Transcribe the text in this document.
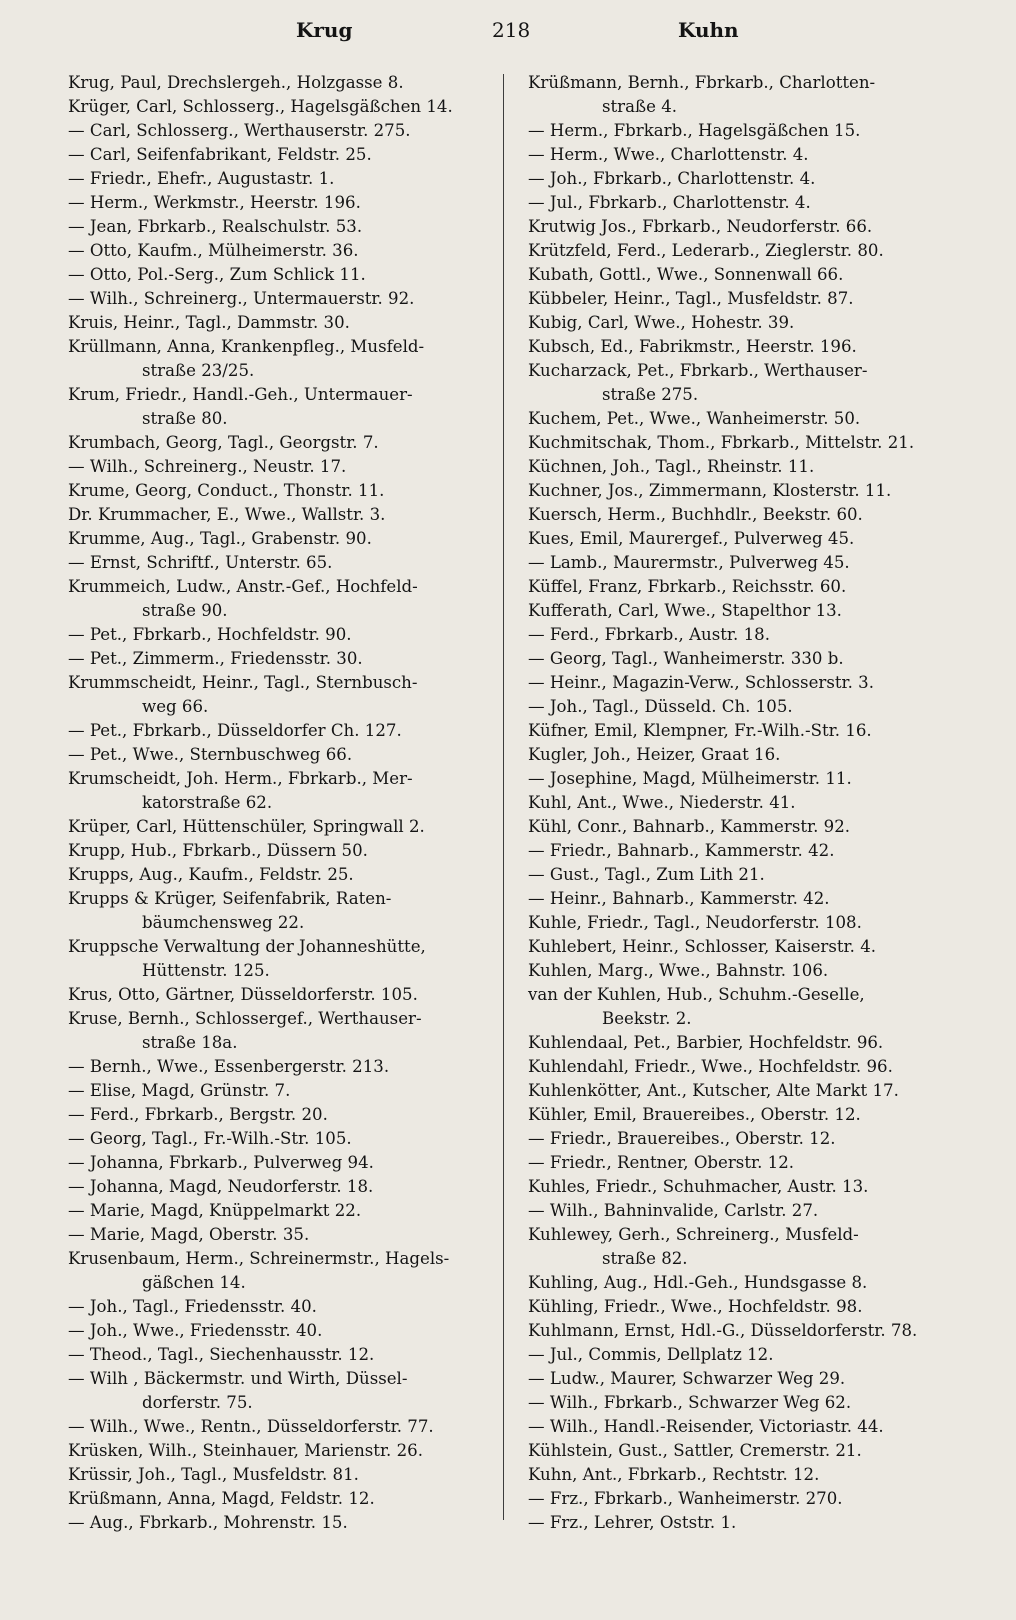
Krug	218	Kuhn
Krug, Paul, Drechslergeh., Holzgasse 8.
Krüger, Carl, Schlosserg., Hagelsgäßchen 14.
— Carl, Schlosserg., Werthauserstr. 275.
— Carl, Seifenfabrikant, Feldstr. 25.
— Friedr., Ehefr., Augustastr. 1.
— Herm., Werkmstr., Heerstr. 196.
— Jean, Fbrkarb., Realschulstr. 53.
— Otto, Kaufm., Mülheimerstr. 36.
— Otto, Pol.-Serg., Zum Schlick 11.
— Wilh., Schreinerg., Untermauerstr. 92.
Kruis, Heinr., Tagl., Dammstr. 30.
Krüllmann, Anna, Krankenpfleg., Musfeld-
straße 23/25.
Krum, Friedr., Handl.-Geh., Untermauer-
straße 80.
Krumbach, Georg, Tagl., Georgstr. 7.
— Wilh., Schreinerg., Neustr. 17.
Krume, Georg, Conduct., Thonstr. 11.
Dr. Krummacher, E., Wwe., Wallstr. 3.
Krumme, Aug., Tagl., Grabenstr. 90.
— Ernst, Schriftf., Unterstr. 65.
Krummeich, Ludw., Anstr.-Gef., Hochfeld-
straße 90.
— Pet., Fbrkarb., Hochfeldstr. 90.
— Pet., Zimmerm., Friedensstr. 30.
Krummscheidt, Heinr., Tagl., Sternbusch-
weg 66.
— Pet., Fbrkarb., Düsseldorfer Ch. 127.
— Pet., Wwe., Sternbuschweg 66.
Krumscheidt, Joh. Herm., Fbrkarb., Mer-
katorstraße 62.
Krüper, Carl, Hüttenschüler, Springwall 2.
Krupp, Hub., Fbrkarb., Düssern 50.
Krupps, Aug., Kaufm., Feldstr. 25.
Krupps & Krüger, Seifenfabrik, Raten-
bäumchensweg 22.
Kruppsche Verwaltung der Johanneshütte,
Hüttenstr. 125.
Krus, Otto, Gärtner, Düsseldorferstr. 105.
Kruse, Bernh., Schlossergef., Werthauser-
straße 18a.
— Bernh., Wwe., Essenbergerstr. 213.
— Elise, Magd, Grünstr. 7.
— Ferd., Fbrkarb., Bergstr. 20.
— Georg, Tagl., Fr.-Wilh.-Str. 105.
— Johanna, Fbrkarb., Pulverweg 94.
— Johanna, Magd, Neudorferstr. 18.
— Marie, Magd, Knüppelmarkt 22.
— Marie, Magd, Oberstr. 35.
Krusenbaum, Herm., Schreinermstr., Hagels-
gäßchen 14.
— Joh., Tagl., Friedensstr. 40.
— Joh., Wwe., Friedensstr. 40.
— Theod., Tagl., Siechenhausstr. 12.
— Wilh , Bäckermstr. und Wirth, Düssel-
dorferstr. 75.
— Wilh., Wwe., Rentn., Düsseldorferstr. 77.
Krüsken, Wilh., Steinhauer, Marienstr. 26.
Krüssir, Joh., Tagl., Musfeldstr. 81.
Krüßmann, Anna, Magd, Feldstr. 12.
— Aug., Fbrkarb., Mohrenstr. 15.
Krüßmann, Bernh., Fbrkarb., Charlotten-
straße 4.
— Herm., Fbrkarb., Hagelsgäßchen 15.
— Herm., Wwe., Charlottenstr. 4.
— Joh., Fbrkarb., Charlottenstr. 4.
— Jul., Fbrkarb., Charlottenstr. 4.
Krutwig Jos., Fbrkarb., Neudorferstr. 66.
Krützfeld, Ferd., Lederarb., Zieglerstr. 80.
Kubath, Gottl., Wwe., Sonnenwall 66.
Kübbeler, Heinr., Tagl., Musfeldstr. 87.
Kubig, Carl, Wwe., Hohestr. 39.
Kubsch, Ed., Fabrikmstr., Heerstr. 196.
Kucharzack, Pet., Fbrkarb., Werthauser-
straße 275.
Kuchem, Pet., Wwe., Wanheimerstr. 50.
Kuchmitschak, Thom., Fbrkarb., Mittelstr. 21.
Küchnen, Joh., Tagl., Rheinstr. 11.
Kuchner, Jos., Zimmermann, Klosterstr. 11.
Kuersch, Herm., Buchhdlr., Beekstr. 60.
Kues, Emil, Maurergef., Pulverweg 45.
— Lamb., Maurermstr., Pulverweg 45.
Küffel, Franz, Fbrkarb., Reichsstr. 60.
Kufferath, Carl, Wwe., Stapelthor 13.
— Ferd., Fbrkarb., Austr. 18.
— Georg, Tagl., Wanheimerstr. 330 b.
— Heinr., Magazin-Verw., Schlosserstr. 3.
— Joh., Tagl., Düsseld. Ch. 105.
Küfner, Emil, Klempner, Fr.-Wilh.-Str. 16.
Kugler, Joh., Heizer, Graat 16.
— Josephine, Magd, Mülheimerstr. 11.
Kuhl, Ant., Wwe., Niederstr. 41.
Kühl, Conr., Bahnarb., Kammerstr. 92.
— Friedr., Bahnarb., Kammerstr. 42.
— Gust., Tagl., Zum Lith 21.
— Heinr., Bahnarb., Kammerstr. 42.
Kuhle, Friedr., Tagl., Neudorferstr. 108.
Kuhlebert, Heinr., Schlosser, Kaiserstr. 4.
Kuhlen, Marg., Wwe., Bahnstr. 106.
van der Kuhlen, Hub., Schuhm.-Geselle,
Beekstr. 2.
Kuhlendaal, Pet., Barbier, Hochfeldstr. 96.
Kuhlendahl, Friedr., Wwe., Hochfeldstr. 96.
Kuhlenkötter, Ant., Kutscher, Alte Markt 17.
Kühler, Emil, Brauereibes., Oberstr. 12.
— Friedr., Brauereibes., Oberstr. 12.
— Friedr., Rentner, Oberstr. 12.
Kuhles, Friedr., Schuhmacher, Austr. 13.
— Wilh., Bahninvalide, Carlstr. 27.
Kuhlewey, Gerh., Schreinerg., Musfeld-
straße 82.
Kuhling, Aug., Hdl.-Geh., Hundsgasse 8.
Kühling, Friedr., Wwe., Hochfeldstr. 98.
Kuhlmann, Ernst, Hdl.-G., Düsseldorferstr. 78.
— Jul., Commis, Dellplatz 12.
— Ludw., Maurer, Schwarzer Weg 29.
— Wilh., Fbrkarb., Schwarzer Weg 62.
— Wilh., Handl.-Reisender, Victoriastr. 44.
Kühlstein, Gust., Sattler, Cremerstr. 21.
Kuhn, Ant., Fbrkarb., Rechtstr. 12.
— Frz., Fbrkarb., Wanheimerstr. 270.
— Frz., Lehrer, Oststr. 1.
